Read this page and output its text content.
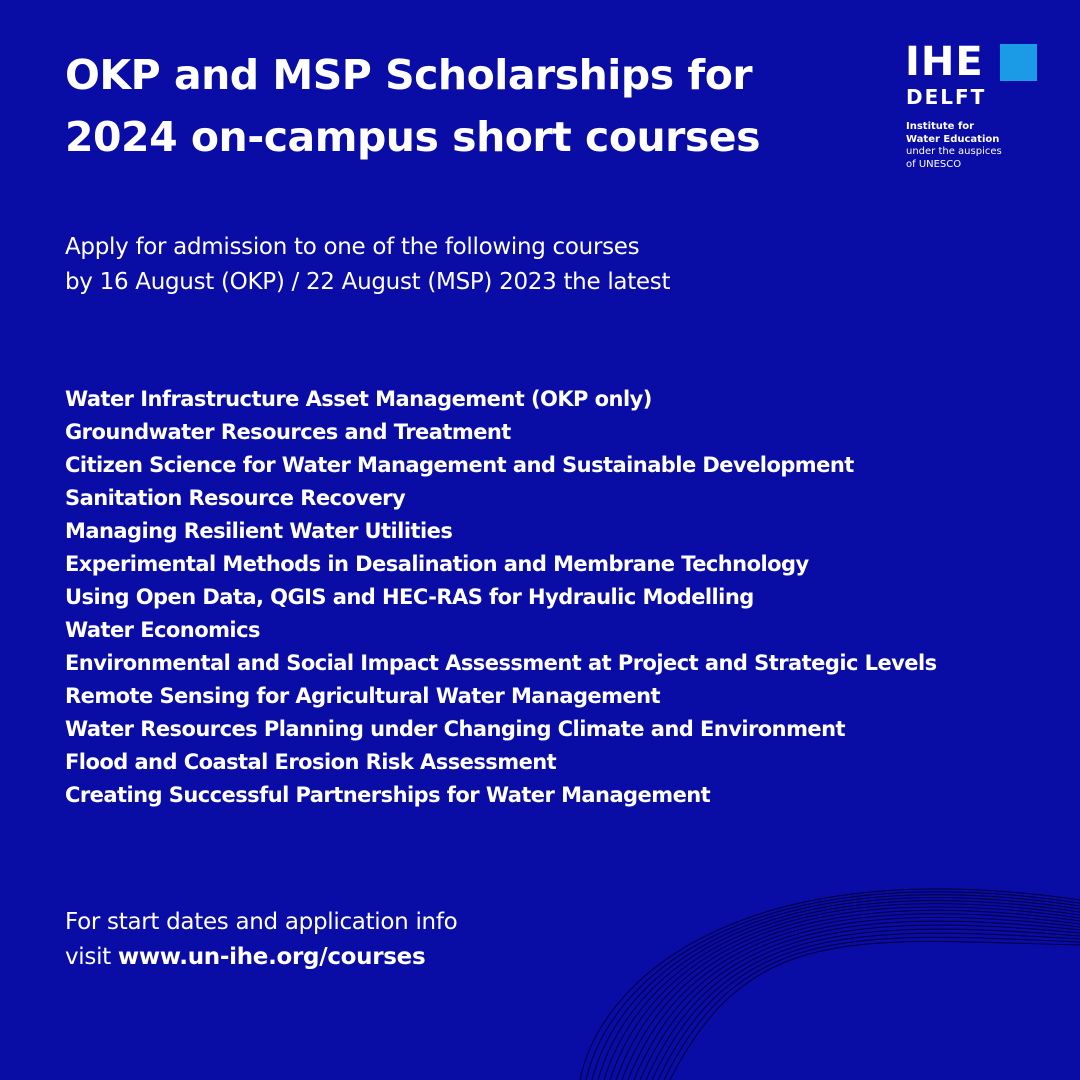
OKP and MSP Scholarships for
2024 on-campus short courses
IHE
DELFT
Institute for
Water Education
under the auspices
of UNESCO
Apply for admission to one of the following courses
by 16 August (OKP) / 22 August (MSP) 2023 the latest
Water Infrastructure Asset Management (OKP only)
Groundwater Resources and Treatment
Citizen Science for Water Management and Sustainable Development
Sanitation Resource Recovery
Managing Resilient Water Utilities
Experimental Methods in Desalination and Membrane Technology
Using Open Data, QGIS and HEC-RAS for Hydraulic Modelling
Water Economics
Environmental and Social Impact Assessment at Project and Strategic Levels
Remote Sensing for Agricultural Water Management
Water Resources Planning under Changing Climate and Environment
Flood and Coastal Erosion Risk Assessment
Creating Successful Partnerships for Water Management
For start dates and application info
visit www.un-ihe.org/courses
